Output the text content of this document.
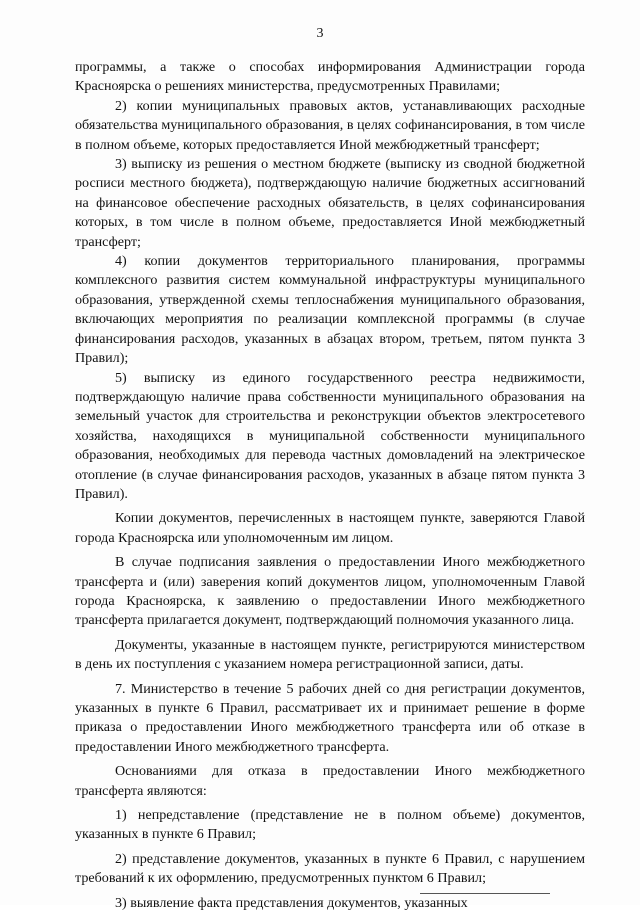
3

программы, а также о способах информирования Администрации города Красноярска о решениях министерства, предусмотренных Правилами;

2) копии муниципальных правовых актов, устанавливающих расходные обязательства муниципального образования, в целях софинансирования, в том числе в полном объеме, которых предоставляется Иной межбюджетный трансферт;

3) выписку из решения о местном бюджете (выписку из сводной бюджетной росписи местного бюджета), подтверждающую наличие бюджетных ассигнований на финансовое обеспечение расходных обязательств, в целях софинансирования которых, в том числе в полном объеме, предоставляется Иной межбюджетный трансферт;

4) копии документов территориального планирования, программы комплексного развития систем коммунальной инфраструктуры муниципального образования, утвержденной схемы теплоснабжения муниципального образования, включающих мероприятия по реализации комплексной программы (в случае финансирования расходов, указанных в абзацах втором, третьем, пятом пункта 3 Правил);

5) выписку из единого государственного реестра недвижимости, подтверждающую наличие права собственности муниципального образования на земельный участок для строительства и реконструкции объектов электросетевого хозяйства, находящихся в муниципальной собственности муниципального образования, необходимых для перевода частных домовладений на электрическое отопление (в случае финансирования расходов, указанных в абзаце пятом пункта 3 Правил).

Копии документов, перечисленных в настоящем пункте, заверяются Главой города Красноярска или уполномоченным им лицом.

В случае подписания заявления о предоставлении Иного межбюджетного трансферта и (или) заверения копий документов лицом, уполномоченным Главой города Красноярска, к заявлению о предоставлении Иного межбюджетного трансферта прилагается документ, подтверждающий полномочия указанного лица.

Документы, указанные в настоящем пункте, регистрируются министерством в день их поступления с указанием номера регистрационной записи, даты.

7. Министерство в течение 5 рабочих дней со дня регистрации документов, указанных в пункте 6 Правил, рассматривает их и принимает решение в форме приказа о предоставлении Иного межбюджетного трансферта или об отказе в предоставлении Иного межбюджетного трансферта.

Основаниями для отказа в предоставлении Иного межбюджетного трансферта являются:

1) непредставление (представление не в полном объеме) документов, указанных в пункте 6 Правил;

2) представление документов, указанных в пункте 6 Правил, с нарушением требований к их оформлению, предусмотренных пунктом 6 Правил;

3) выявление факта представления документов, указанных
